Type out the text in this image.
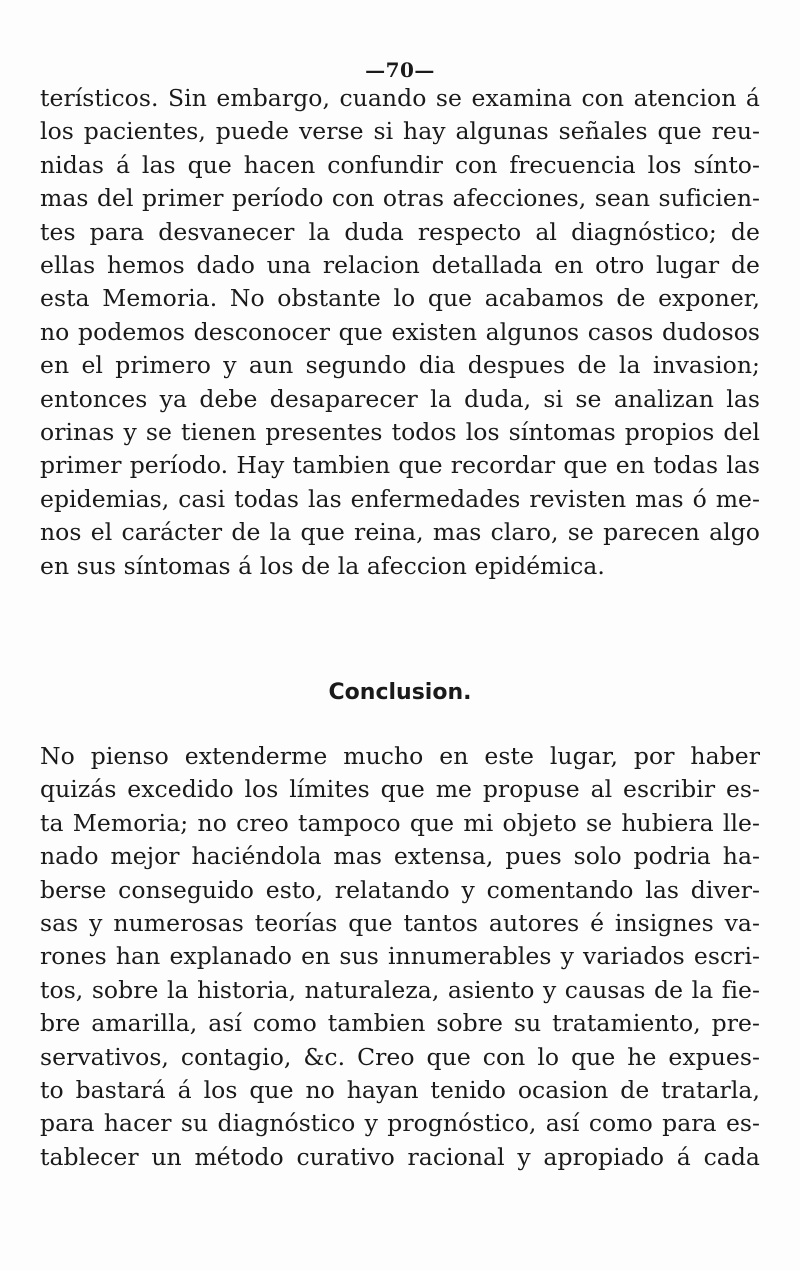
—70—
terísticos. Sin embargo, cuando se examina con atencion á
los pacientes, puede verse si hay algunas señales que reu-
nidas á las que hacen confundir con frecuencia los sínto-
mas del primer período con otras afecciones, sean suficien-
tes para desvanecer la duda respecto al diagnóstico; de
ellas hemos dado una relacion detallada en otro lugar de
esta Memoria. No obstante lo que acabamos de exponer,
no podemos desconocer que existen algunos casos dudosos
en el primero y aun segundo dia despues de la invasion;
entonces ya debe desaparecer la duda, si se analizan las
orinas y se tienen presentes todos los síntomas propios del
primer período. Hay tambien que recordar que en todas las
epidemias, casi todas las enfermedades revisten mas ó me-
nos el carácter de la que reina, mas claro, se parecen algo
en sus síntomas á los de la afeccion epidémica.
Conclusion.
No pienso extenderme mucho en este lugar, por haber
quizás excedido los límites que me propuse al escribir es-
ta Memoria; no creo tampoco que mi objeto se hubiera lle-
nado mejor haciéndola mas extensa, pues solo podria ha-
berse conseguido esto, relatando y comentando las diver-
sas y numerosas teorías que tantos autores é insignes va-
rones han explanado en sus innumerables y variados escri-
tos, sobre la historia, naturaleza, asiento y causas de la fie-
bre amarilla, así como tambien sobre su tratamiento, pre-
servativos, contagio, &c. Creo que con lo que he expues-
to bastará á los que no hayan tenido ocasion de tratarla,
para hacer su diagnóstico y prognóstico, así como para es-
tablecer un método curativo racional y apropiado á cada
